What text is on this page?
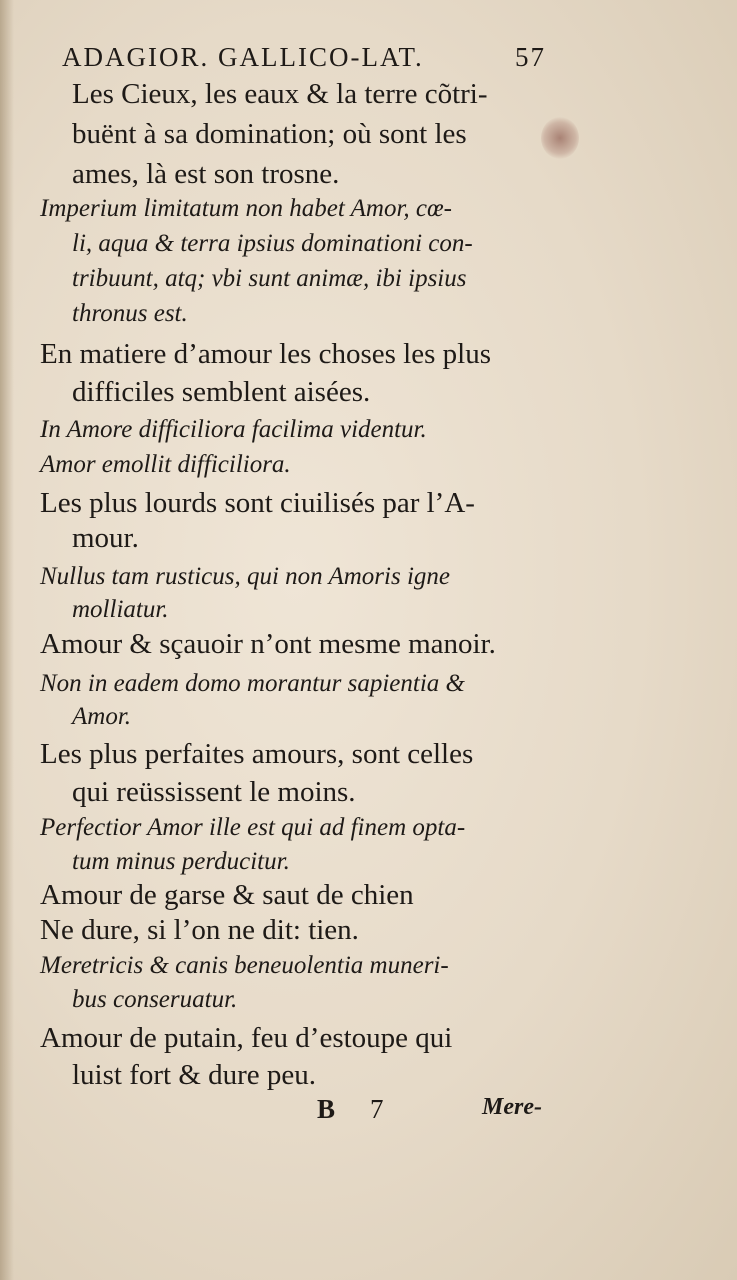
ADAGIOR. GALLICO-LAT.	57
Les Cieux, les eaux & la terre cõtri-
buënt à sa domination; où sont les
ames, là est son trosne.
Imperium limitatum non habet Amor, cœ-
li, aqua & terra ipsius dominationi con-
tribuunt, atq; vbi sunt animæ, ibi ipsius
thronus est.
En matiere d’amour les choses les plus
difficiles semblent aisées.
In Amore difficiliora facilima videntur.
Amor emollit difficiliora.
Les plus lourds sont ciuilisés par l’A-
mour.
Nullus tam rusticus, qui non Amoris igne
molliatur.
Amour & sçauoir n’ont mesme manoir.
Non in eadem domo morantur sapientia &
Amor.
Les plus perfaites amours, sont celles
qui reüssissent le moins.
Perfectior Amor ille est qui ad finem opta-
tum minus perducitur.
Amour de garse & saut de chien
Ne dure, si l’on ne dit: tien.
Meretricis & canis beneuolentia muneri-
bus conseruatur.
Amour de putain, feu d’estoupe qui
luist fort & dure peu.
B 7	Mere-
